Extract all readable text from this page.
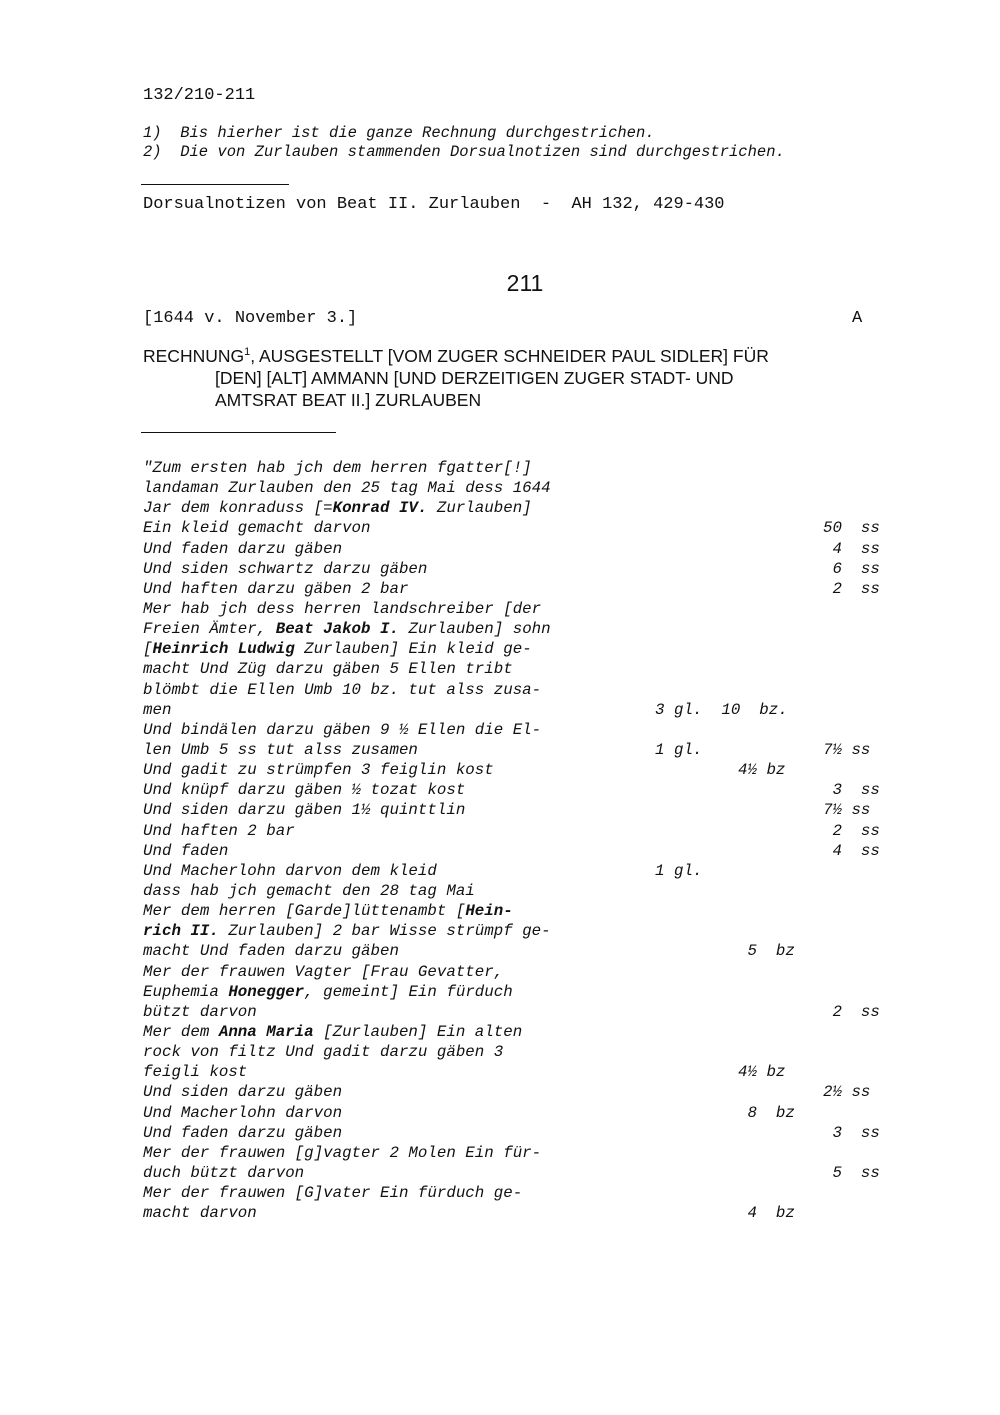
132/210-211
1)  Bis hierher ist die ganze Rechnung durchgestrichen.
2)  Die von Zurlauben stammenden Dorsualnotizen sind durchgestrichen.
Dorsualnotizen von Beat II. Zurlauben  -  AH 132, 429-430
211
[1644 v. November 3.]	A
RECHNUNG$^1$, AUSGESTELLT [VOM ZUGER SCHNEIDER PAUL SIDLER] FÜR
[DEN] [ALT] AMMANN [UND DERZEITIGEN ZUGER STADT- UND
AMTSRAT BEAT II.] ZURLAUBEN
"Zum ersten hab jch dem herren fgatter[!]
landaman Zurlauben den 25 tag Mai dess 1644
Jar dem konraduss [=Konrad IV. Zurlauben]
Ein kleid gemacht darvon	50  ss
Und faden darzu gäben	4  ss
Und siden schwartz darzu gäben	6  ss
Und haften darzu gäben 2 bar	2  ss
Mer hab jch dess herren landschreiber [der
Freien Ämter, Beat Jakob I. Zurlauben] sohn
[Heinrich Ludwig Zurlauben] Ein kleid ge-
macht Und Züg darzu gäben 5 Ellen tribt
blömbt die Ellen Umb 10 bz. tut alss zusa-
men	3 gl.  10  bz.
Und bindälen darzu gäben 9 ½ Ellen die El-
len Umb 5 ss tut alss zusamen	1 gl.	7½ ss
Und gadit zu strümpfen 3 feiglin kost	4½ bz
Und knüpf darzu gäben ½ tozat kost	3  ss
Und siden darzu gäben 1½ quinttlin	7½ ss
Und haften 2 bar	2  ss
Und faden	4  ss
Und Macherlohn darvon dem kleid	1 gl.
dass hab jch gemacht den 28 tag Mai
Mer dem herren [Garde]lüttenambt [Hein-
rich II. Zurlauben] 2 bar Wisse strümpf ge-
macht Und faden darzu gäben	5  bz
Mer der frauwen Vagter [Frau Gevatter,
Euphemia Honegger, gemeint] Ein fürduch
bützt darvon	2  ss
Mer dem Anna Maria [Zurlauben] Ein alten
rock von filtz Und gadit darzu gäben 3
feigli kost	4½ bz
Und siden darzu gäben	2½ ss
Und Macherlohn darvon	8  bz
Und faden darzu gäben	3  ss
Mer der frauwen [g]vagter 2 Molen Ein für-
duch bützt darvon	5  ss
Mer der frauwen [G]vater Ein fürduch ge-
macht darvon	4  bz
